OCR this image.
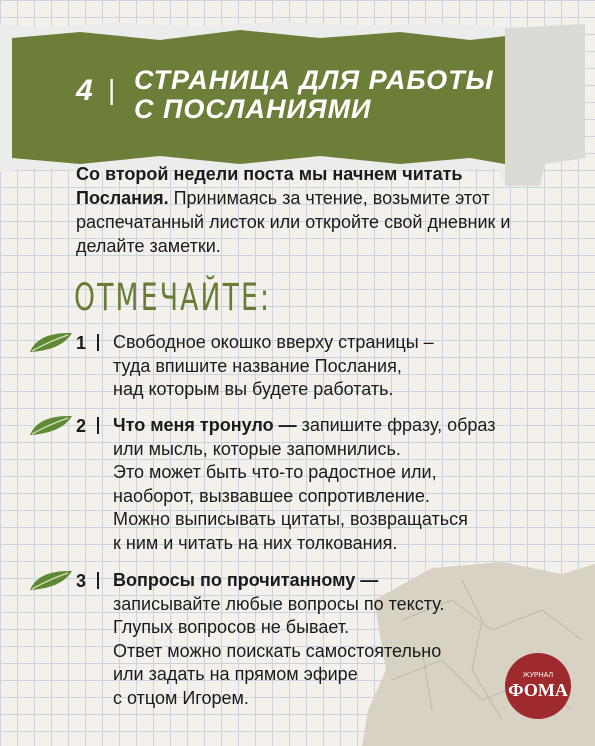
4 | СТРАНИЦА ДЛЯ РАБОТЫ
С ПОСЛАНИЯМИ
Со второй недели поста мы начнем читать Послания. Принимаясь за чтение, возьмите этот распечатанный листок или откройте свой дневник и делайте заметки.
ОТМЕЧАЙТЕ:
1 Свободное окошко вверху страницы –
туда впишите название Послания,
над которым вы будете работать.
2 Что меня тронуло — запишите фразу, образ
или мысль, которые запомнились.
Это может быть что-то радостное или,
наоборот, вызвавшее сопротивление.
Можно выписывать цитаты, возвращаться
к ним и читать на них толкования.
3 Вопросы по прочитанному —
записывайте любые вопросы по тексту.
Глупых вопросов не бывает.
Ответ можно поискать самостоятельно
или задать на прямом эфире
с отцом Игорем.
ЖУРНАЛ
ФОМА
